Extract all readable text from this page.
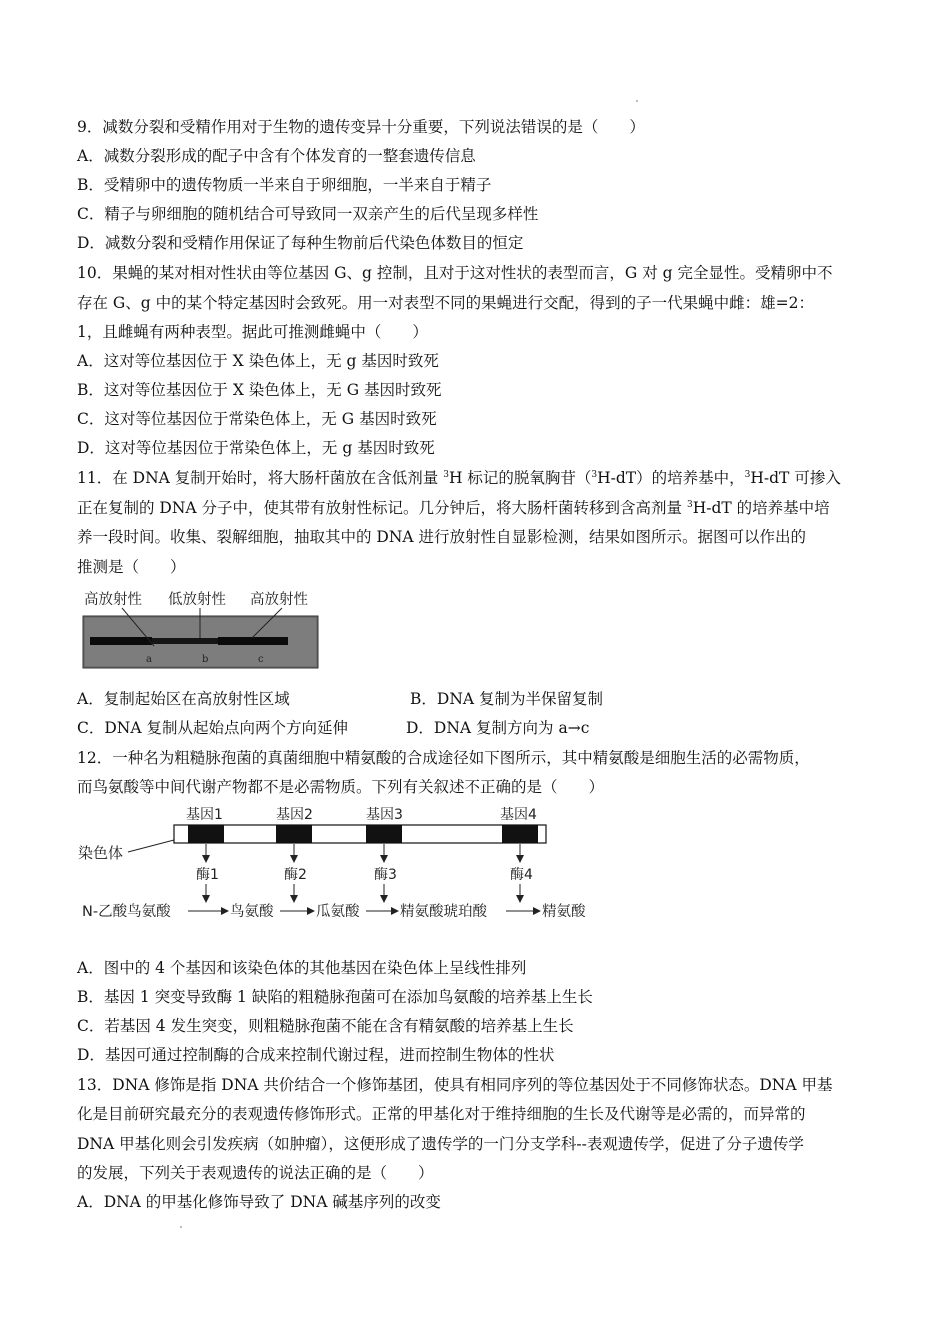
9．减数分裂和受精作用对于生物的遗传变异十分重要，下列说法错误的是（　　）
A．减数分裂形成的配子中含有个体发育的一整套遗传信息
B．受精卵中的遗传物质一半来自于卵细胞，一半来自于精子
C．精子与卵细胞的随机结合可导致同一双亲产生的后代呈现多样性
D．减数分裂和受精作用保证了每种生物前后代染色体数目的恒定
10．果蝇的某对相对性状由等位基因 G、g 控制，且对于这对性状的表型而言，G 对 g 完全显性。受精卵中不
存在 G、g 中的某个特定基因时会致死。用一对表型不同的果蝇进行交配，得到的子一代果蝇中雌：雄=2：
1，且雌蝇有两种表型。据此可推测雌蝇中（　　）
A．这对等位基因位于 X 染色体上，无 g 基因时致死
B．这对等位基因位于 X 染色体上，无 G 基因时致死
C．这对等位基因位于常染色体上，无 G 基因时致死
D．这对等位基因位于常染色体上，无 g 基因时致死
11．在 DNA 复制开始时，将大肠杆菌放在含低剂量 $^3$H 标记的脱氧胸苷（$^3$H-dT）的培养基中，$^3$H-dT 可掺入
正在复制的 DNA 分子中，使其带有放射性标记。几分钟后，将大肠杆菌转移到含高剂量 $^3$H-dT 的培养基中培
养一段时间。收集、裂解细胞，抽取其中的 DNA 进行放射性自显影检测，结果如图所示。据图可以作出的
推测是（　　）
高放射性 低放射性 高放射性
a	b	c
A．复制起始区在高放射性区域	B．DNA 复制为半保留复制
C．DNA 复制从起始点向两个方向延伸	D．DNA 复制方向为 a→c
12．一种名为粗糙脉孢菌的真菌细胞中精氨酸的合成途径如下图所示，其中精氨酸是细胞生活的必需物质，
而鸟氨酸等中间代谢产物都不是必需物质。下列有关叙述不正确的是（　　）
基因1	基因2	基因3	基因4
染色体
酶1	酶2	酶3	酶4
N-乙酸鸟氨酸	鸟氨酸	瓜氨酸	精氨酸琥珀酸	精氨酸
A．图中的 4 个基因和该染色体的其他基因在染色体上呈线性排列
B．基因 1 突变导致酶 1 缺陷的粗糙脉孢菌可在添加鸟氨酸的培养基上生长
C．若基因 4 发生突变，则粗糙脉孢菌不能在含有精氨酸的培养基上生长
D．基因可通过控制酶的合成来控制代谢过程，进而控制生物体的性状
13．DNA 修饰是指 DNA 共价结合一个修饰基团，使具有相同序列的等位基因处于不同修饰状态。DNA 甲基
化是目前研究最充分的表观遗传修饰形式。正常的甲基化对于维持细胞的生长及代谢等是必需的，而异常的
DNA 甲基化则会引发疾病（如肿瘤），这便形成了遗传学的一门分支学科--表观遗传学，促进了分子遗传学
的发展，下列关于表观遗传的说法正确的是（　　）
A．DNA 的甲基化修饰导致了 DNA 碱基序列的改变
